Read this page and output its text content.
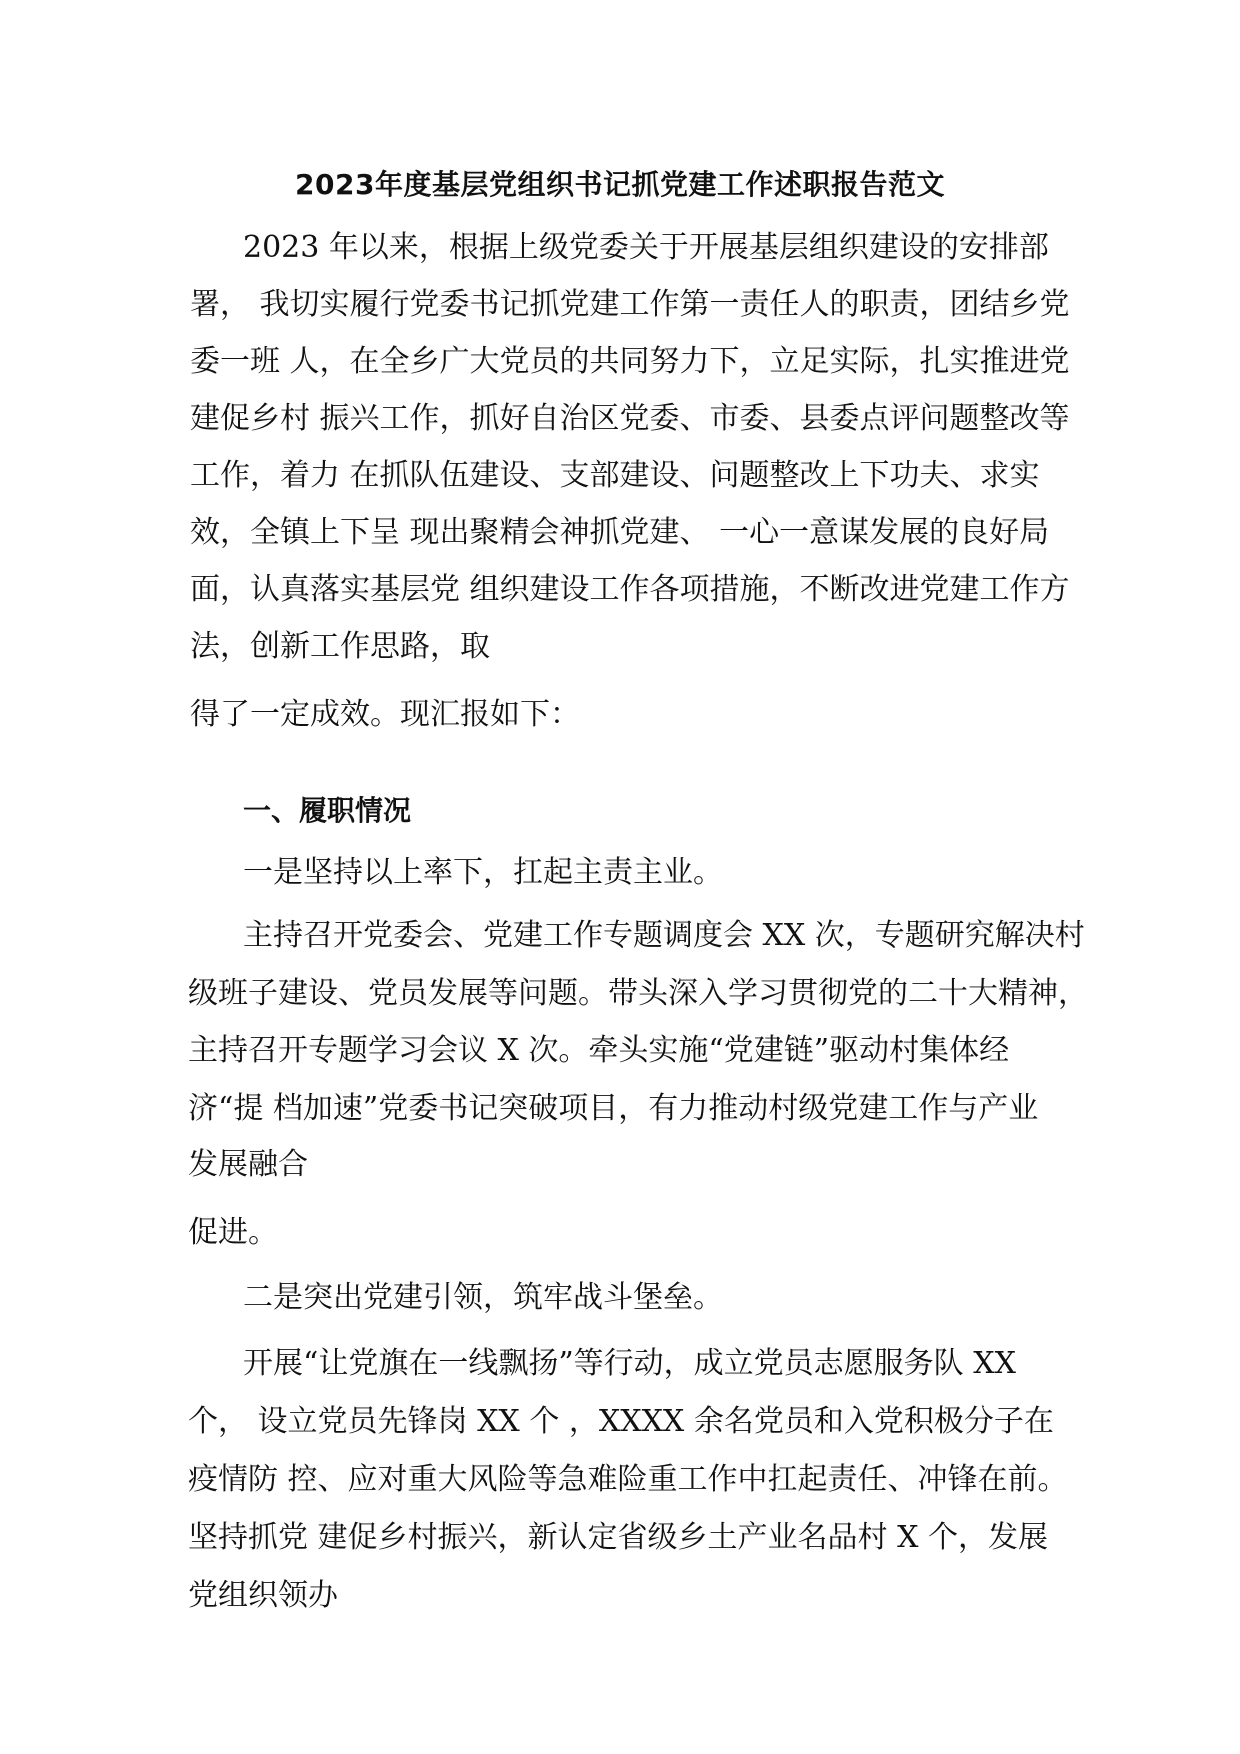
2023年度基层党组织书记抓党建工作述职报告范文
2023 年以来，根据上级党委关于开展基层组织建设的安排部
署， 我切实履行党委书记抓党建工作第一责任人的职责，团结乡党
委一班 人，在全乡广大党员的共同努力下，立足实际，扎实推进党
建促乡村 振兴工作，抓好自治区党委、市委、县委点评问题整改等
工作，着力 在抓队伍建设、支部建设、问题整改上下功夫、求实
效，全镇上下呈 现出聚精会神抓党建、 一心一意谋发展的良好局
面，认真落实基层党 组织建设工作各项措施，不断改进党建工作方
法，创新工作思路，取
得了一定成效。现汇报如下：
一、履职情况
一是坚持以上率下，扛起主责主业。
主持召开党委会、党建工作专题调度会 XX 次，专题研究解决村
级班子建设、党员发展等问题。带头深入学习贯彻党的二十大精神，
主持召开专题学习会议 X 次。牵头实施“党建链”驱动村集体经
济“提 档加速”党委书记突破项目，有力推动村级党建工作与产业
发展融合
促进。
二是突出党建引领，筑牢战斗堡垒。
开展“让党旗在一线飘扬”等行动，成立党员志愿服务队 XX
个， 设立党员先锋岗 XX 个 ，XXXX 余名党员和入党积极分子在
疫情防 控、应对重大风险等急难险重工作中扛起责任、冲锋在前。
坚持抓党 建促乡村振兴，新认定省级乡土产业名品村 X 个，发展
党组织领办
